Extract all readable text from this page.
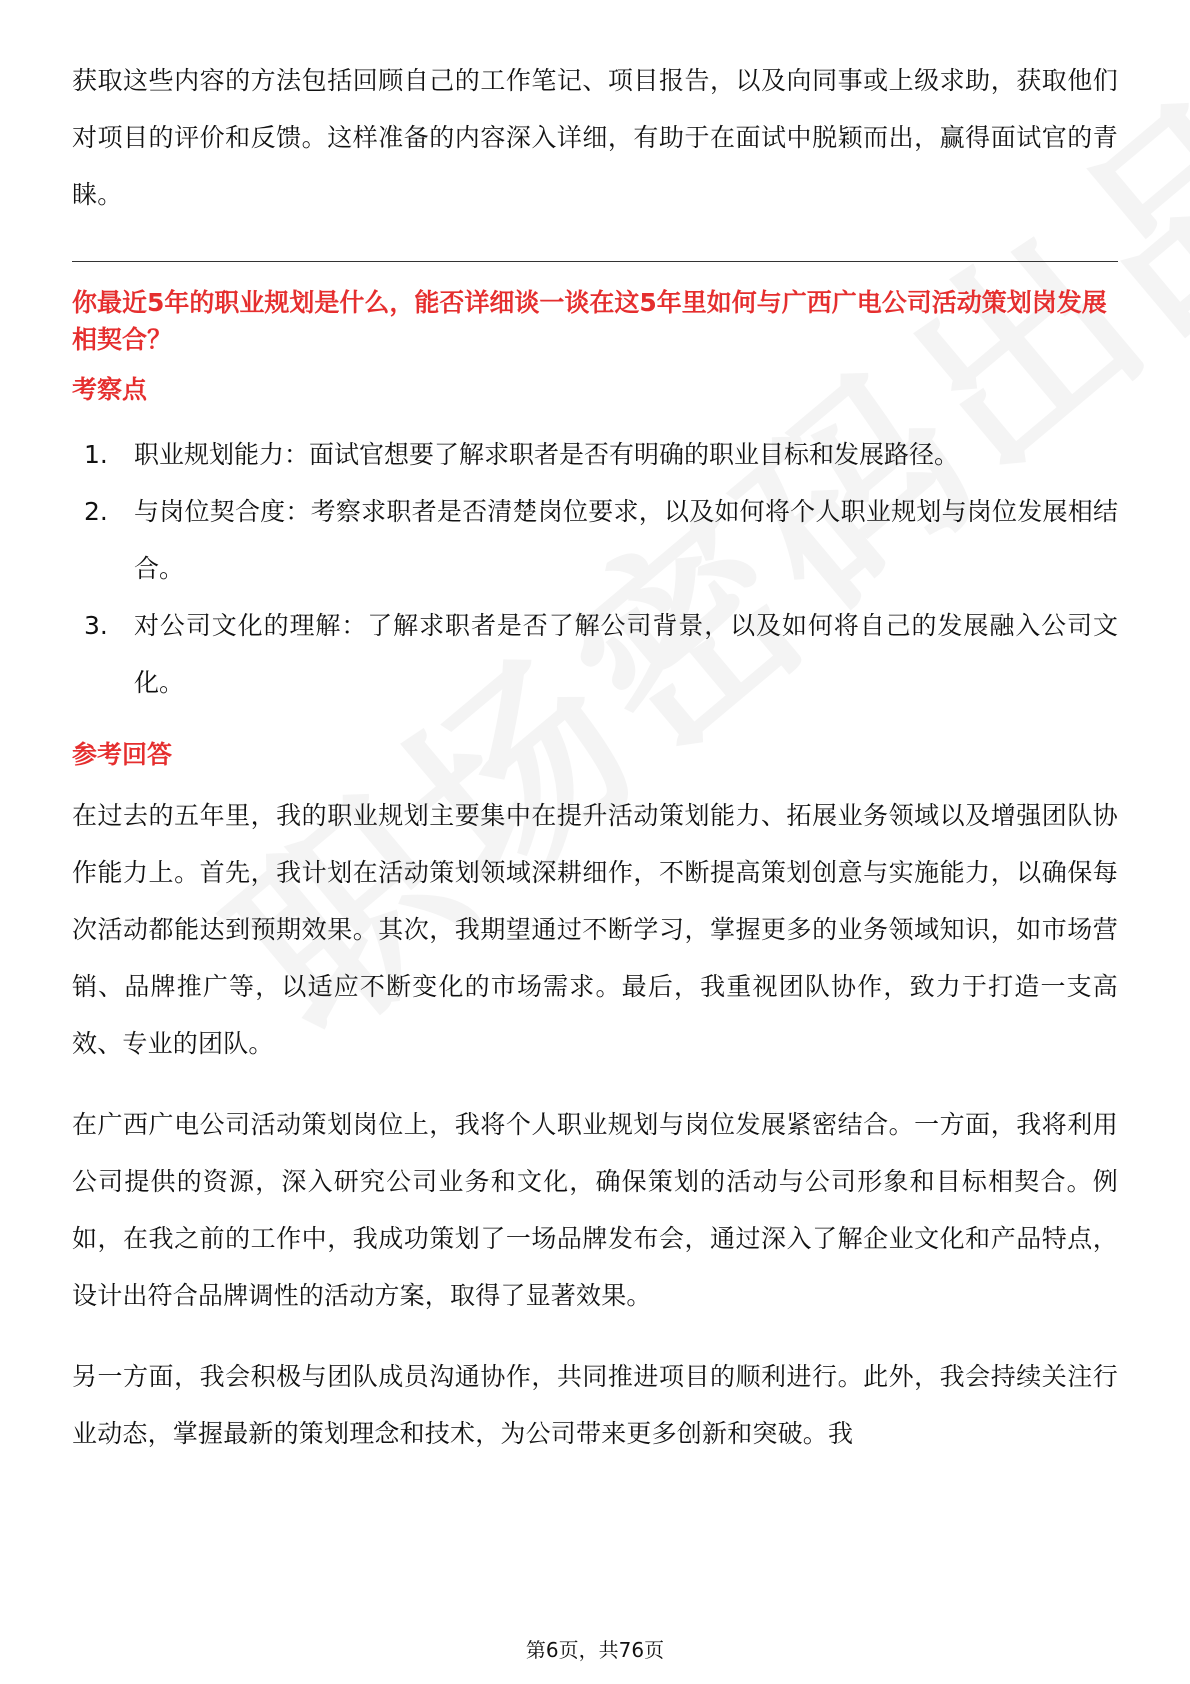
获取这些内容的方法包括回顾自己的工作笔记、项目报告，以及向同事或上级求助，获取他们对项目的评价和反馈。这样准备的内容深入详细，有助于在面试中脱颖而出，赢得面试官的青睐。

你最近5年的职业规划是什么，能否详细谈一谈在这5年里如何与广西广电公司活动策划岗发展相契合？

考察点
1.	职业规划能力：面试官想要了解求职者是否有明确的职业目标和发展路径。
2.	与岗位契合度：考察求职者是否清楚岗位要求，以及如何将个人职业规划与岗位发展相结合。
3.	对公司文化的理解：了解求职者是否了解公司背景，以及如何将自己的发展融入公司文化。
参考回答

在过去的五年里，我的职业规划主要集中在提升活动策划能力、拓展业务领域以及增强团队协作能力上。首先，我计划在活动策划领域深耕细作，不断提高策划创意与实施能力，以确保每次活动都能达到预期效果。其次，我期望通过不断学习，掌握更多的业务领域知识，如市场营销、品牌推广等，以适应不断变化的市场需求。最后，我重视团队协作，致力于打造一支高效、专业的团队。

在广西广电公司活动策划岗位上，我将个人职业规划与岗位发展紧密结合。一方面，我将利用公司提供的资源，深入研究公司业务和文化，确保策划的活动与公司形象和目标相契合。例如，在我之前的工作中，我成功策划了一场品牌发布会，通过深入了解企业文化和产品特点，设计出符合品牌调性的活动方案，取得了显著效果。

另一方面，我会积极与团队成员沟通协作，共同推进项目的顺利进行。此外，我会持续关注行业动态，掌握最新的策划理念和技术，为公司带来更多创新和突破。我

第6页，共76页
